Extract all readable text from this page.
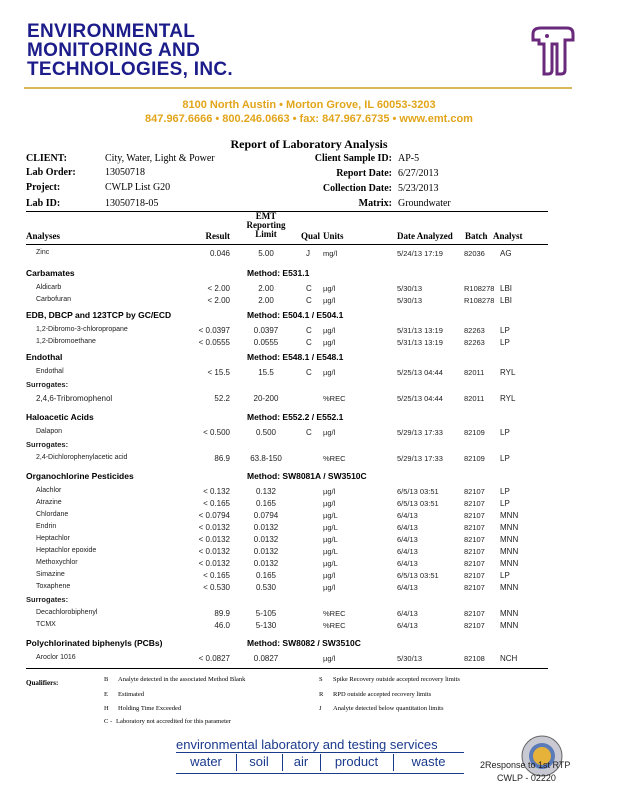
ENVIRONMENTAL
MONITORING AND
TECHNOLOGIES, INC.
8100 North Austin • Morton Grove, IL 60053-3203
847.967.6666 • 800.246.0663 • fax: 847.967.6735 • www.emt.com
Report of Laboratory Analysis
CLIENT:	City, Water, Light & Power	Client Sample ID: AP-5
Lab Order:	13050718	Report Date: 6/27/2013
Project:	CWLP List G20	Collection Date: 5/23/2013
Lab ID:	13050718-05	Matrix: Groundwater
Analyses	Result
EMT
Reporting
Limit	Qual Units	Date Analyzed Batch Analyst
Zinc	0.046	5.00	J mg/l	5/24/13 17:19	82036 AG
Carbamates	Method: E531.1
Aldicarb	< 2.00	2.00	C µg/l	5/30/13	R108278 LBI
Carbofuran	< 2.00	2.00	C µg/l	5/30/13	R108278 LBI
EDB, DBCP and 123TCP by GC/ECD	Method: E504.1 / E504.1
1,2-Dibromo-3-chloropropane	< 0.0397	0.0397	C µg/l	5/31/13 13:19	82263 LP
1,2-Dibromoethane	< 0.0555	0.0555	C µg/l	5/31/13 13:19	82263 LP
Endothal	Method: E548.1 / E548.1
Endothal	< 15.5	15.5	C µg/l	5/25/13 04:44	82011 RYL
Surrogates:
2,4,6-Tribromophenol	52.2	20-200	%REC	5/25/13 04:44	82011 RYL
Haloacetic Acids	Method: E552.2 / E552.1
Dalapon	< 0.500	0.500	C µg/l	5/29/13 17:33	82109 LP
Surrogates:
2,4-Dichlorophenylacetic acid	86.9	63.8-150	%REC	5/29/13 17:33	82109 LP
Organochlorine Pesticides	Method: SW8081A / SW3510C
Alachlor	< 0.132	0.132	µg/l	6/5/13 03:51	82107 LP
Atrazine	< 0.165	0.165	µg/l	6/5/13 03:51	82107 LP
Chlordane	< 0.0794	0.0794	µg/L	6/4/13	82107 MNN
Endrin	< 0.0132	0.0132	µg/L	6/4/13	82107 MNN
Heptachlor	< 0.0132	0.0132	µg/L	6/4/13	82107 MNN
Heptachlor epoxide	< 0.0132	0.0132	µg/L	6/4/13	82107 MNN
Methoxychlor	< 0.0132	0.0132	µg/L	6/4/13	82107 MNN
Simazine	< 0.165	0.165	µg/l	6/5/13 03:51	82107 LP
Toxaphene	< 0.530	0.530	µg/l	6/4/13	82107 MNN
Surrogates:
Decachlorobiphenyl	89.9	5-105	%REC	6/4/13	82107 MNN
TCMX	46.0	5-130	%REC	6/4/13	82107 MNN
Polychlorinated biphenyls (PCBs)	Method: SW8082 / SW3510C
Aroclor 1016	< 0.0827	0.0827	µg/l	5/30/13	82108 NCH
Qualifiers:	B Analyte detected in the associated Method Blank
E Estimated
H Holding Time Exceeded
C - Laboratory not accredited for this parameter
S Spike Recovery outside accepted recovery limits
R RPD outside accepted recovery limits
J Analyte detected below quantitation limits
environmental laboratory and testing services
water	soil	air	product	waste	2Response to 1st RTP
CWLP - 02220
